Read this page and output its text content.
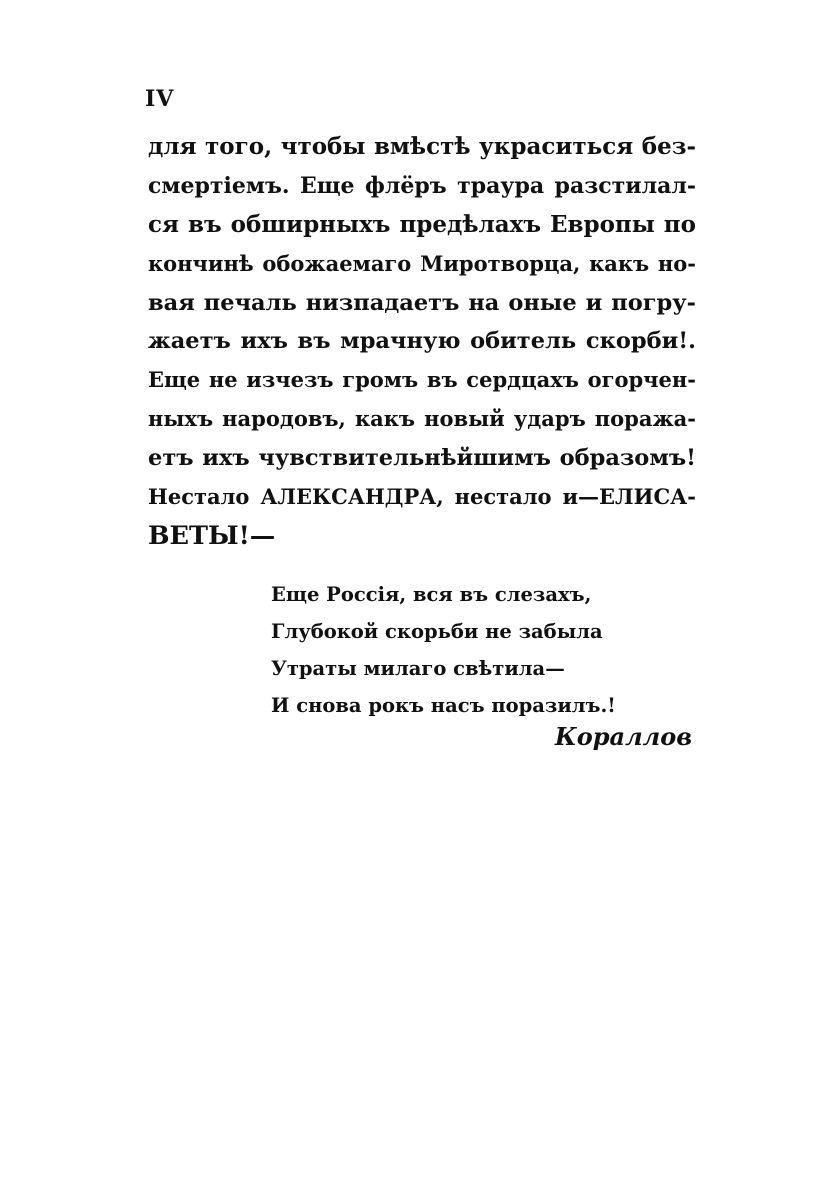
IV
для того, чтобы вмѣстѣ украситься без-
смертiемъ. Еще флёръ траура разстилал-
ся въ обширныхъ предѣлахъ Европы по
кончинѣ обожаемаго Миротворца, какъ но-
вая печаль низпадаетъ на оные и погру-
жаетъ ихъ въ мрачную обитель скорби!.
Еще не изчезъ громъ въ сердцахъ огорчен-
ныхъ народовъ, какъ новый ударъ поража-
етъ ихъ чувствительнѣйшимъ образомъ!
Нестало АЛЕКСАНДРА, нестало и—ЕЛИСА-
ВЕТЫ!—
Еще Россiя, вся въ слезахъ,
Глубокой скорьби не забыла
Утраты милаго свѣтила—
И снова рокъ насъ поразилъ.!
Кораллов
